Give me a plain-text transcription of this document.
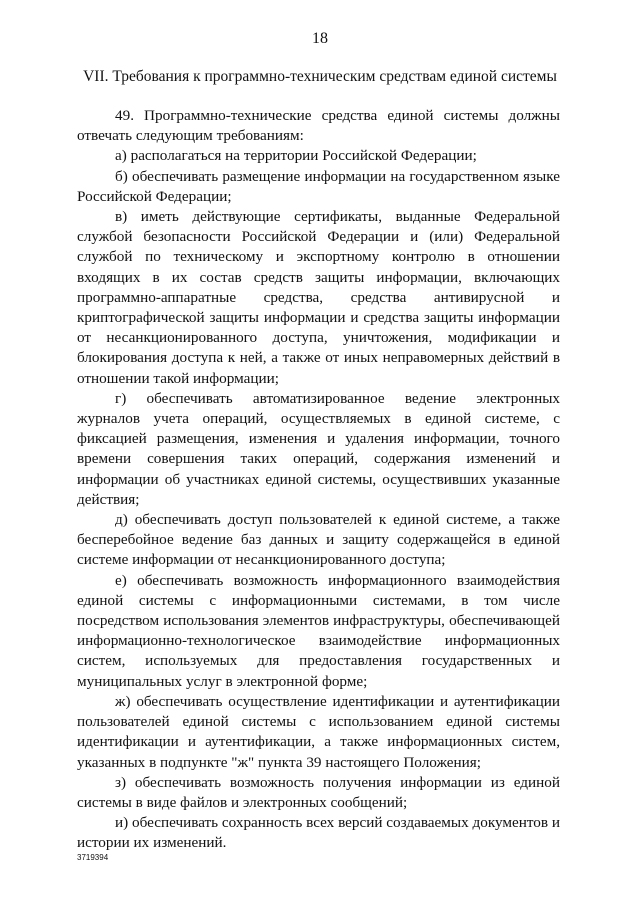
18
VII. Требования к программно-техническим средствам единой системы

49. Программно-технические средства единой системы должны отвечать следующим требованиям:

а) располагаться на территории Российской Федерации;

б) обеспечивать размещение информации на государственном языке Российской Федерации;

в) иметь действующие сертификаты, выданные Федеральной службой безопасности Российской Федерации и (или) Федеральной службой по техническому и экспортному контролю в отношении входящих в их состав средств защиты информации, включающих программно-аппаратные средства, средства антивирусной и криптографической защиты информации и средства защиты информации от несанкционированного доступа, уничтожения, модификации и блокирования доступа к ней, а также от иных неправомерных действий в отношении такой информации;

г) обеспечивать автоматизированное ведение электронных журналов учета операций, осуществляемых в единой системе, с фиксацией размещения, изменения и удаления информации, точного времени совершения таких операций, содержания изменений и информации об участниках единой системы, осуществивших указанные действия;

д) обеспечивать доступ пользователей к единой системе, а также бесперебойное ведение баз данных и защиту содержащейся в единой системе информации от несанкционированного доступа;

е) обеспечивать возможность информационного взаимодействия единой системы с информационными системами, в том числе посредством использования элементов инфраструктуры, обеспечивающей информационно-технологическое взаимодействие информационных систем, используемых для предоставления государственных и муниципальных услуг в электронной форме;

ж) обеспечивать осуществление идентификации и аутентификации пользователей единой системы с использованием единой системы идентификации и аутентификации, а также информационных систем, указанных в подпункте "ж" пункта 39 настоящего Положения;

з) обеспечивать возможность получения информации из единой системы в виде файлов и электронных сообщений;

и) обеспечивать сохранность всех версий создаваемых документов и истории их изменений.

3719394
